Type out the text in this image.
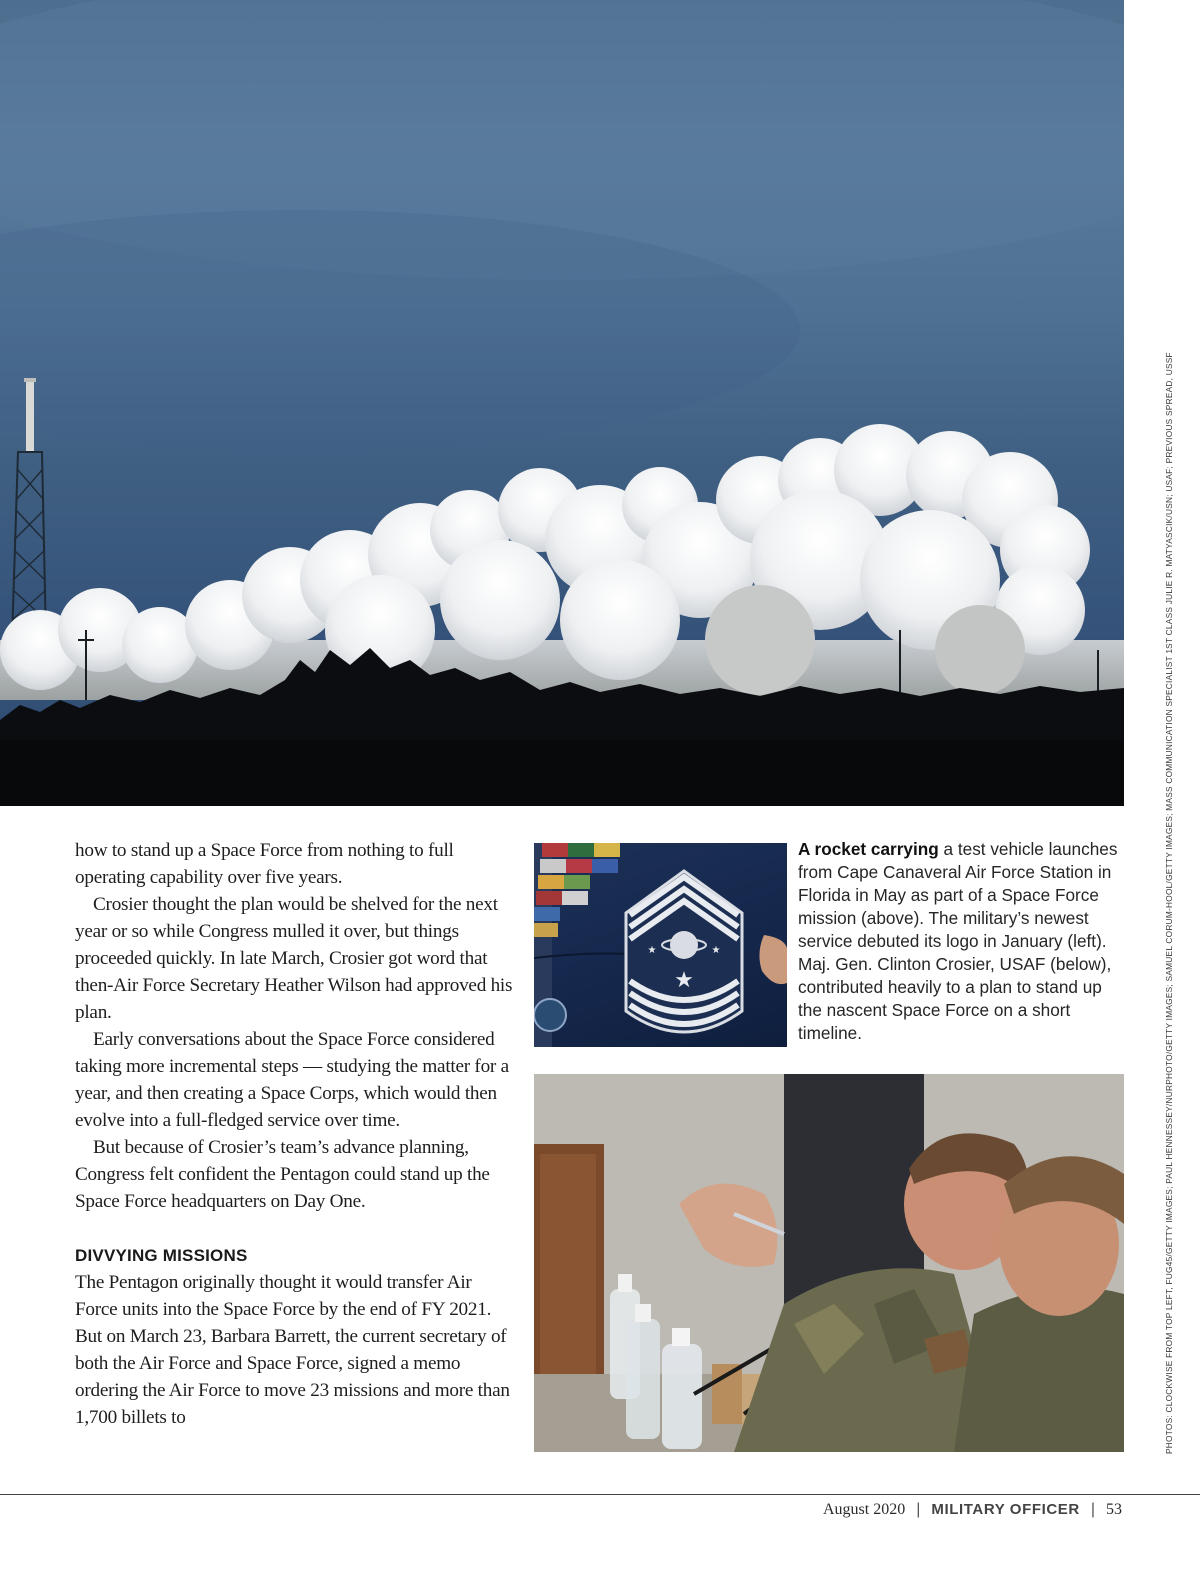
PHOTOS: CLOCKWISE FROM TOP LEFT, FUG45/GETTY IMAGES; PAUL HENNESSEY/NURPHOTO/GETTY IMAGES; SAMUEL CORUM-HOOL/GETTY IMAGES; MASS COMMUNICATION SPECIALIST 1ST CLASS JULIE R. MATYASCIK/USN; USAF; PREVIOUS SPREAD, USSF

how to stand up a Space Force from nothing to full operating capability over five years.

Crosier thought the plan would be shelved for the next year or so while Congress mulled it over, but things proceeded quickly. In late March, Crosier got word that then-Air Force Secretary Heather Wilson had approved his plan.

Early conversations about the Space Force considered taking more incremental steps — studying the matter for a year, and then creating a Space Corps, which would then evolve into a full-fledged service over time.

But because of Crosier’s team’s advance planning, Congress felt confident the Pentagon could stand up the Space Force headquarters on Day One.

DIVVYING MISSIONS

The Pentagon originally thought it would transfer Air Force units into the Space Force by the end of FY 2021. But on March 23, Barbara Barrett, the current secretary of both the Air Force and Space Force, signed a memo ordering the Air Force to move 23 missions and more than 1,700 billets to

★
★	★
A rocket carrying a test vehicle launches from Cape Canaveral Air Force Station in Florida in May as part of a Space Force mission (above). The military’s newest service debuted its logo in January (left). Maj. Gen. Clinton Crosier, USAF (below), contributed heavily to a plan to stand up the nascent Space Force on a short timeline.
August 2020 | MILITARY OFFICER | 53
